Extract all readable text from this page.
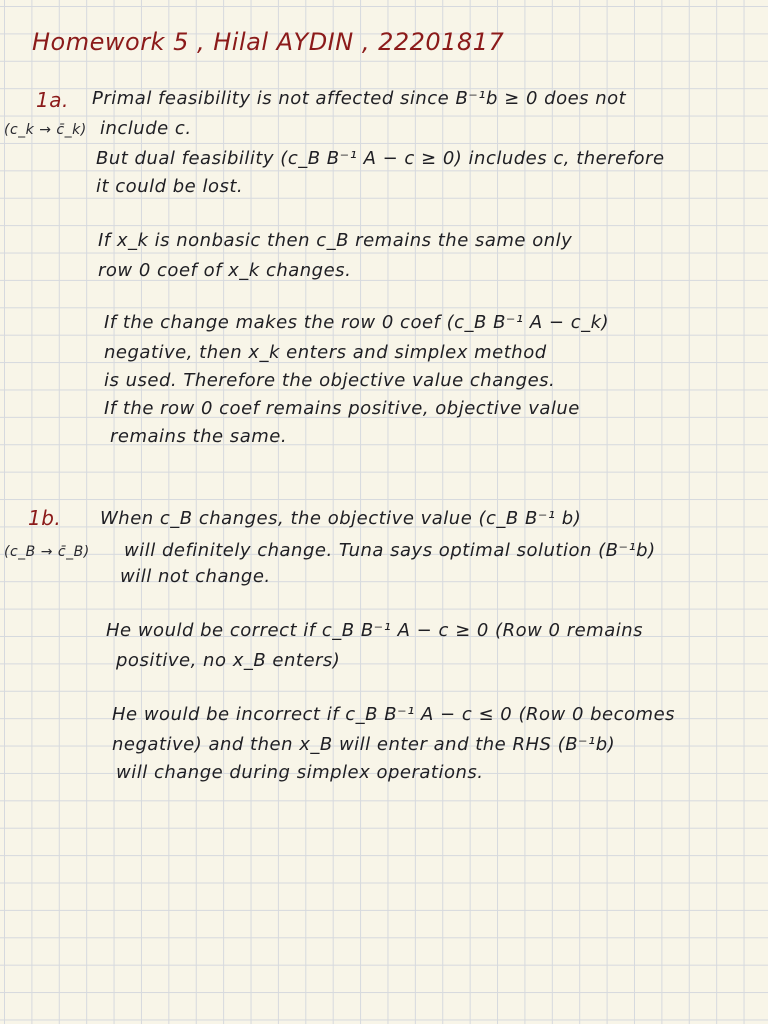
Homework 5 , Hilal AYDIN , 22201817
1a.
(c_k → c̄_k)
Primal feasibility is not affected since B⁻¹b ≥ 0 does not
include c.
But dual feasibility (c_B B⁻¹ A − c ≥ 0) includes c, therefore
it could be lost.
If x_k is nonbasic then c_B remains the same only
row 0 coef of x_k changes.
If the change makes the row 0 coef (c_B B⁻¹ A − c_k)
negative, then x_k enters and simplex method
is used. Therefore the objective value changes.
If the row 0 coef remains positive, objective value
remains the same.
1b.
(c_B → c̄_B)
When c_B changes, the objective value (c_B B⁻¹ b)
will definitely change. Tuna says optimal solution (B⁻¹b)
will not change.
He would be correct if c_B B⁻¹ A − c ≥ 0 (Row 0 remains
positive, no x_B enters)
He would be incorrect if c_B B⁻¹ A − c ≤ 0 (Row 0 becomes
negative) and then x_B will enter and the RHS (B⁻¹b)
will change during simplex operations.
